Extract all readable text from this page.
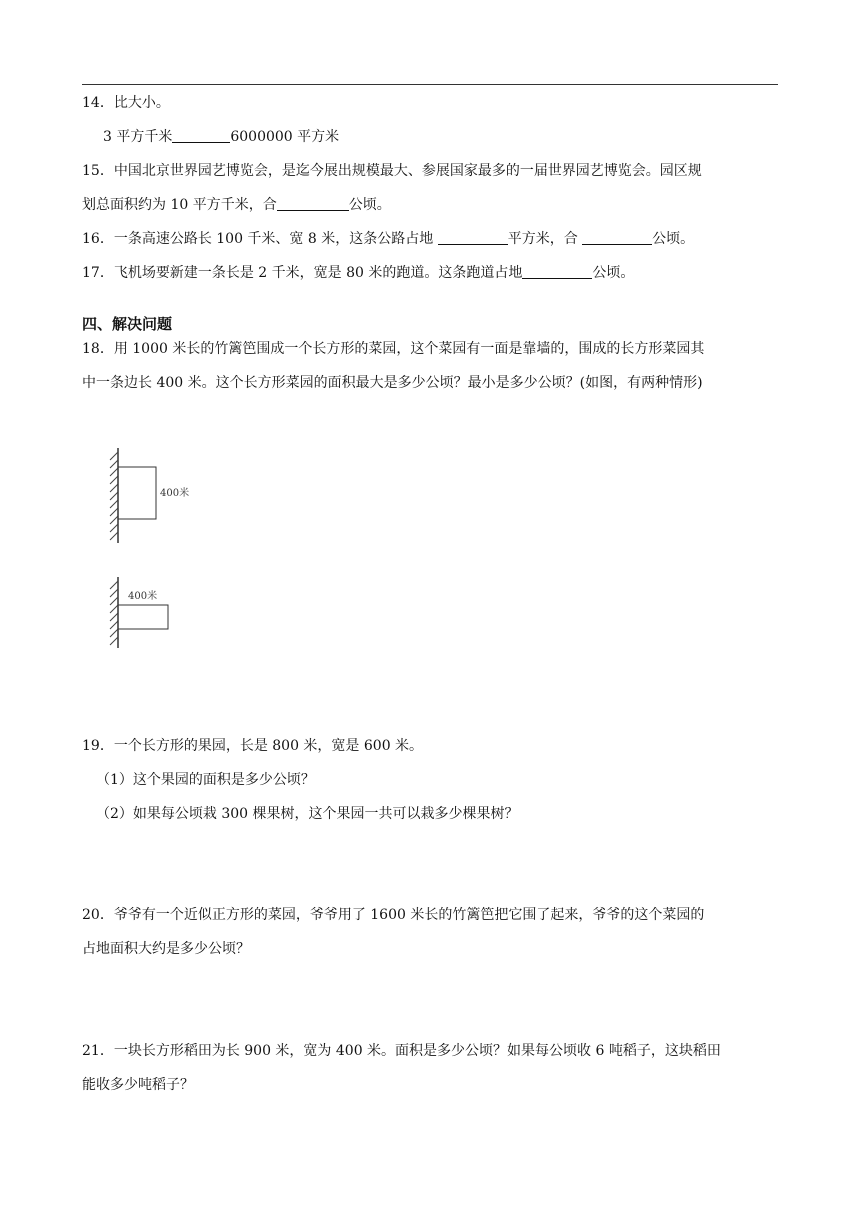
14．比大小。
3 平方千米	6000000 平方米
15．中国北京世界园艺博览会，是迄今展出规模最大、参展国家最多的一届世界园艺博览会。园区规
划总面积约为 10 平方千米，合	公顷。
16．一条高速公路长 100 千米、宽 8 米，这条公路占地	平方米，合	公顷。
17．飞机场要新建一条长是 2 千米，宽是 80 米的跑道。这条跑道占地	公顷。
四、解决问题
18．用 1000 米长的竹篱笆围成一个长方形的菜园，这个菜园有一面是靠墙的，围成的长方形菜园其
中一条边长 400 米。这个长方形菜园的面积最大是多少公顷？最小是多少公顷？(如图，有两种情形)
400米
400米
19．一个长方形的果园，长是 800 米，宽是 600 米。
（1）这个果园的面积是多少公顷？
（2）如果每公顷栽 300 棵果树，这个果园一共可以栽多少棵果树？
20．爷爷有一个近似正方形的菜园，爷爷用了 1600 米长的竹篱笆把它围了起来，爷爷的这个菜园的
占地面积大约是多少公顷？
21．一块长方形稻田为长 900 米，宽为 400 米。面积是多少公顷？如果每公顷收 6 吨稻子，这块稻田
能收多少吨稻子？
